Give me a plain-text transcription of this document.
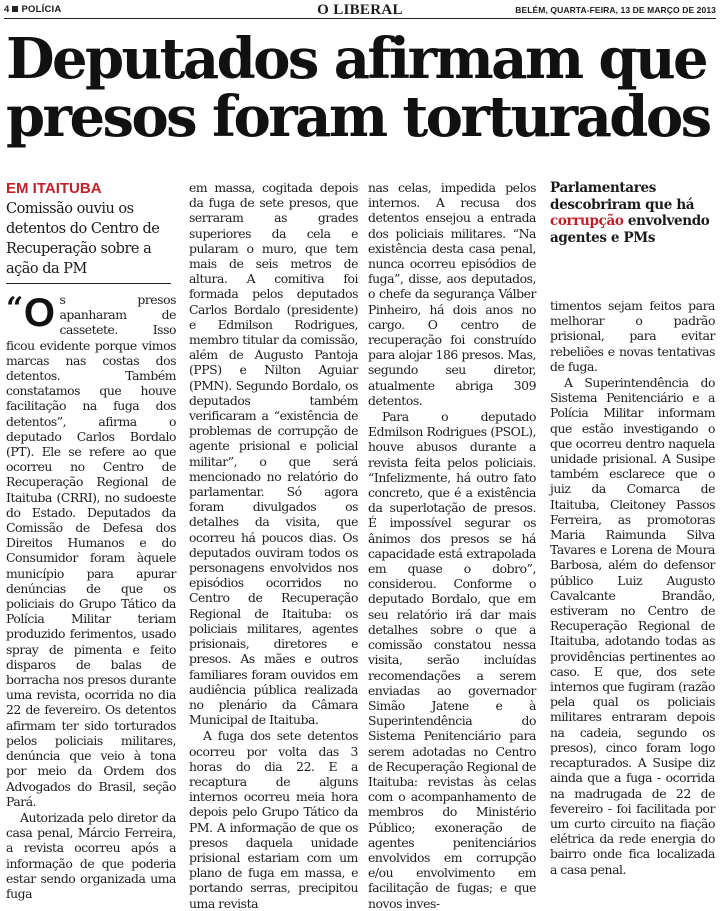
4 POLÍCIA	O LIBERAL	BELÉM, QUARTA-FEIRA, 13 DE MARÇO DE 2013
Deputados afirmam que
presos foram torturados
EM ITAITUBA
Comissão ouviu os detentos do Centro de Recuperação sobre a ação da PM

“O s presos apanharam de cassetete. Isso ficou evidente porque vimos marcas nas costas dos detentos. Também constatamos que houve facilitação na fuga dos detentos”, afirma o deputado Carlos Bordalo (PT). Ele se refere ao que ocorreu no Centro de Recuperação Regional de Itaituba (CRRI), no sudoeste do Estado. Deputados da Comissão de Defesa dos Direitos Humanos e do Consumidor foram àquele município para apurar denúncias de que os policiais do Grupo Tático da Polícia Militar teriam produzido ferimentos, usado spray de pimenta e feito disparos de balas de borracha nos presos durante uma revista, ocorrida no dia 22 de fevereiro. Os detentos afirmam ter sido torturados pelos policiais militares, denúncia que veio à tona por meio da Ordem dos Advogados do Brasil, seção Pará.

Autorizada pelo diretor da casa penal, Márcio Ferreira, a revista ocorreu após a informação de que poderia estar sendo organizada uma fuga

em massa, cogitada depois da fuga de sete presos, que serraram as grades superiores da cela e pularam o muro, que tem mais de seis metros de altura. A comitiva foi formada pelos deputados Carlos Bordalo (presidente) e Edmilson Rodrigues, membro titular da comissão, além de Augusto Pantoja (PPS) e Nilton Aguiar (PMN). Segundo Bordalo, os deputados também verificaram a “existência de problemas de corrupção de agente prisional e policial militar”, o que será mencionado no relatório do parlamentar. Só agora foram divulgados os detalhes da visita, que ocorreu há poucos dias. Os deputados ouviram todos os personagens envolvidos nos episódios ocorridos no Centro de Recuperação Regional de Itaituba: os policiais militares, agentes prisionais, diretores e presos. As mães e outros familiares foram ouvidos em audiência pública realizada no plenário da Câmara Municipal de Itaituba.

A fuga dos sete detentos ocorreu por volta das 3 horas do dia 22. E a recaptura de alguns internos ocorreu meia hora depois pelo Grupo Tático da PM. A informação de que os presos daquela unidade prisional estariam com um plano de fuga em massa, e portando serras, precipitou uma revista

nas celas, impedida pelos internos. A recusa dos detentos ensejou a entrada dos policiais militares. “Na existência desta casa penal, nunca ocorreu episódios de fuga”, disse, aos deputados, o chefe da segurança Válber Pinheiro, há dois anos no cargo. O centro de recuperação foi construído para alojar 186 presos. Mas, segundo seu diretor, atualmente abriga 309 detentos.

Para o deputado Edmilson Rodrigues (PSOL), houve abusos durante a revista feita pelos policiais. “Infelizmente, há outro fato concreto, que é a existência da superlotação de presos. É impossível segurar os ânimos dos presos se há capacidade está extrapolada em quase o dobro”, considerou. Conforme o deputado Bordalo, que em seu relatório irá dar mais detalhes sobre o que a comissão constatou nessa visita, serão incluídas recomendações a serem enviadas ao governador Simão Jatene e à Superintendência do Sistema Penitenciário para serem adotadas no Centro de Recuperação Regional de Itaituba: revistas às celas com o acompanhamento de membros do Ministério Público; exoneração de agentes penitenciários envolvidos em corrupção e/ou envolvimento em facilitação de fugas; e que novos inves-

Parlamentares descobriram que há corrupção envolvendo agentes e PMs

timentos sejam feitos para melhorar o padrão prisional, para evitar rebeliões e novas tentativas de fuga.

A Superintendência do Sistema Penitenciário e a Polícia Militar informam que estão investigando o que ocorreu dentro naquela unidade prisional. A Susipe também esclarece que o juiz da Comarca de Itaituba, Cleitoney Passos Ferreira, as promotoras Maria Raimunda Silva Tavares e Lorena de Moura Barbosa, além do defensor público Luiz Augusto Cavalcante Brandão, estiveram no Centro de Recuperação Regional de Itaituba, adotando todas as providências pertinentes ao caso. E que, dos sete internos que fugiram (razão pela qual os policiais militares entraram depois na cadeia, segundo os presos), cinco foram logo recapturados. A Susipe diz ainda que a fuga - ocorrida na madrugada de 22 de fevereiro - foi facilitada por um curto circuito na fiação elétrica da rede energia do bairro onde fica localizada a casa penal.
